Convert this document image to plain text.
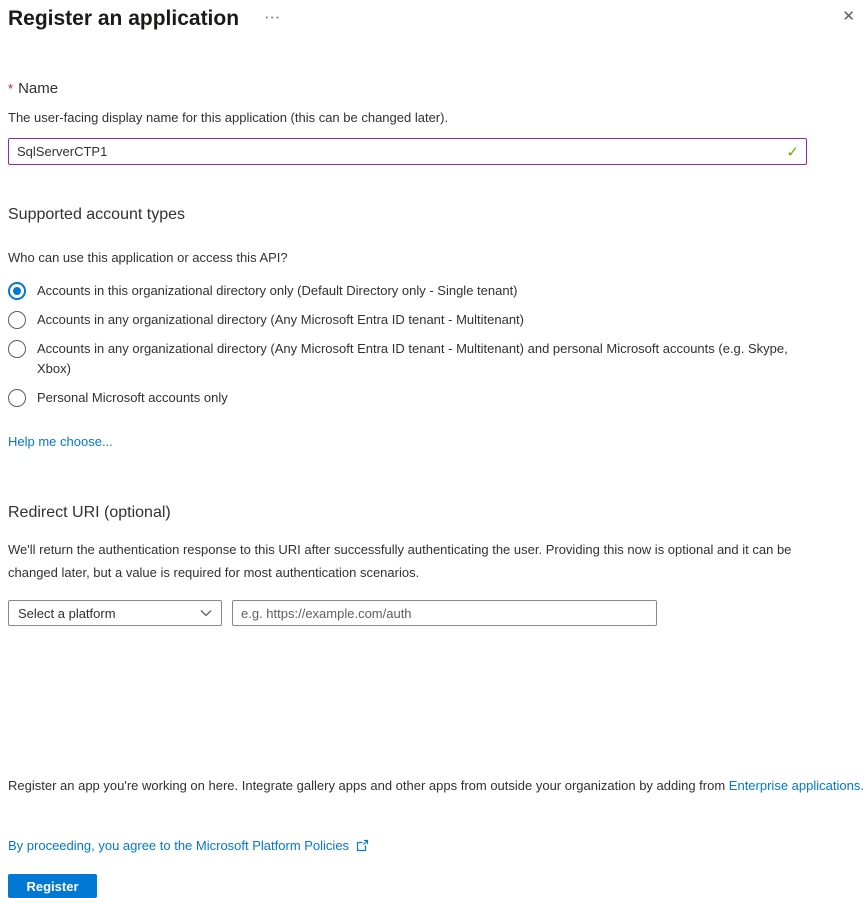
Register an application ···	✕
* Name
The user-facing display name for this application (this can be changed later).
SqlServerCTP1
✓
Supported account types
Who can use this application or access this API?
Accounts in this organizational directory only (Default Directory only - Single tenant)
Accounts in any organizational directory (Any Microsoft Entra ID tenant - Multitenant)
Accounts in any organizational directory (Any Microsoft Entra ID tenant - Multitenant) and personal Microsoft accounts (e.g. Skype, Xbox)
Personal Microsoft accounts only
Help me choose...
Redirect URI (optional)
We'll return the authentication response to this URI after successfully authenticating the user. Providing this now is optional and it can be changed later, but a value is required for most authentication scenarios.
Select a platform
e.g. https://example.com/auth
Register an app you're working on here. Integrate gallery apps and other apps from outside your organization by adding from Enterprise applications.
By proceeding, you agree to the Microsoft Platform Policies
Register
